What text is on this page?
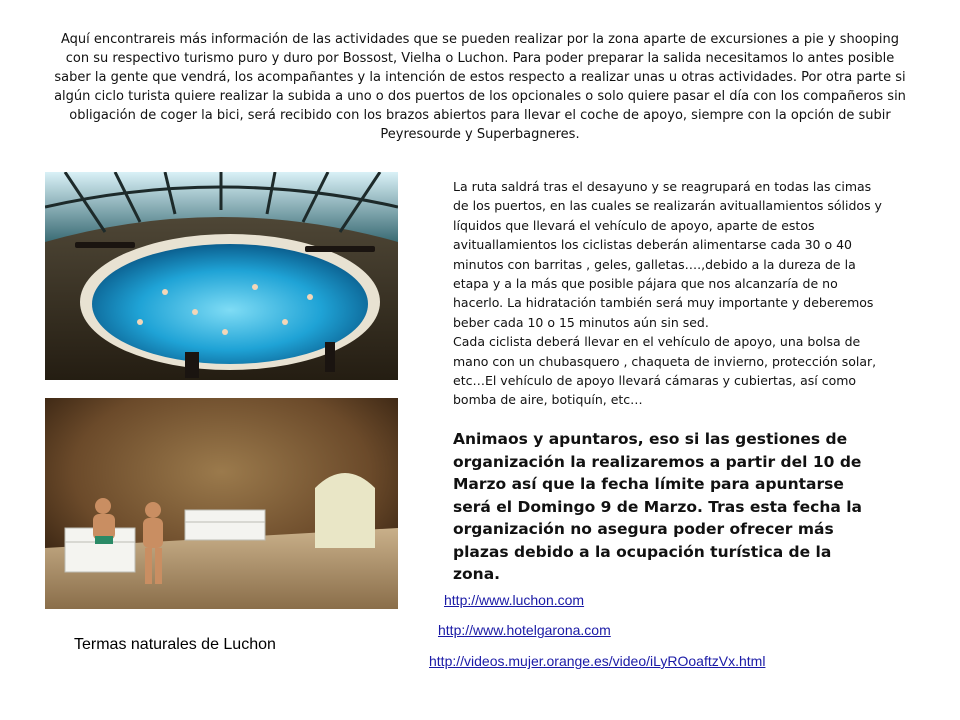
Aquí encontrareis más información de las actividades que se pueden realizar por la zona aparte de excursiones a pie y shooping con su respectivo turismo puro y duro por Bossost, Vielha o Luchon. Para poder preparar la salida necesitamos lo antes posible saber la gente que vendrá, los acompañantes y la intención de estos respecto a realizar unas u otras actividades. Por otra parte si algún ciclo turista quiere realizar la subida a uno o dos puertos de los opcionales o solo quiere pasar el día con los compañeros sin obligación de coger la bici, será recibido con los brazos abiertos para llevar el coche de apoyo, siempre con la opción de subir Peyresourde y Superbagneres.

Termas naturales de Luchon

La ruta saldrá tras el desayuno y se reagrupará en todas las cimas de los puertos, en las cuales se realizarán avituallamientos sólidos y líquidos que llevará el vehículo de apoyo, aparte de estos avituallamientos los ciclistas deberán alimentarse cada 30 o 40 minutos con barritas , geles, galletas….,debido a la dureza de la etapa y a la más que posible pájara que nos alcanzaría de no hacerlo. La hidratación también será muy importante y deberemos beber cada 10 o 15 minutos aún sin sed.

Cada ciclista deberá llevar en el vehículo de apoyo, una bolsa de mano con un chubasquero , chaqueta de invierno, protección solar, etc…El vehículo de apoyo llevará cámaras y cubiertas, así como bomba de aire, botiquín, etc…

Animaos y apuntaros, eso si las gestiones de organización la realizaremos a partir del 10 de Marzo así que la fecha límite para apuntarse será el Domingo 9 de Marzo. Tras esta fecha la organización no asegura poder ofrecer más plazas debido a la ocupación turística de la zona.

http://www.luchon.com
http://www.hotelgarona.com
http://videos.mujer.orange.es/video/iLyROoaftzVx.html
